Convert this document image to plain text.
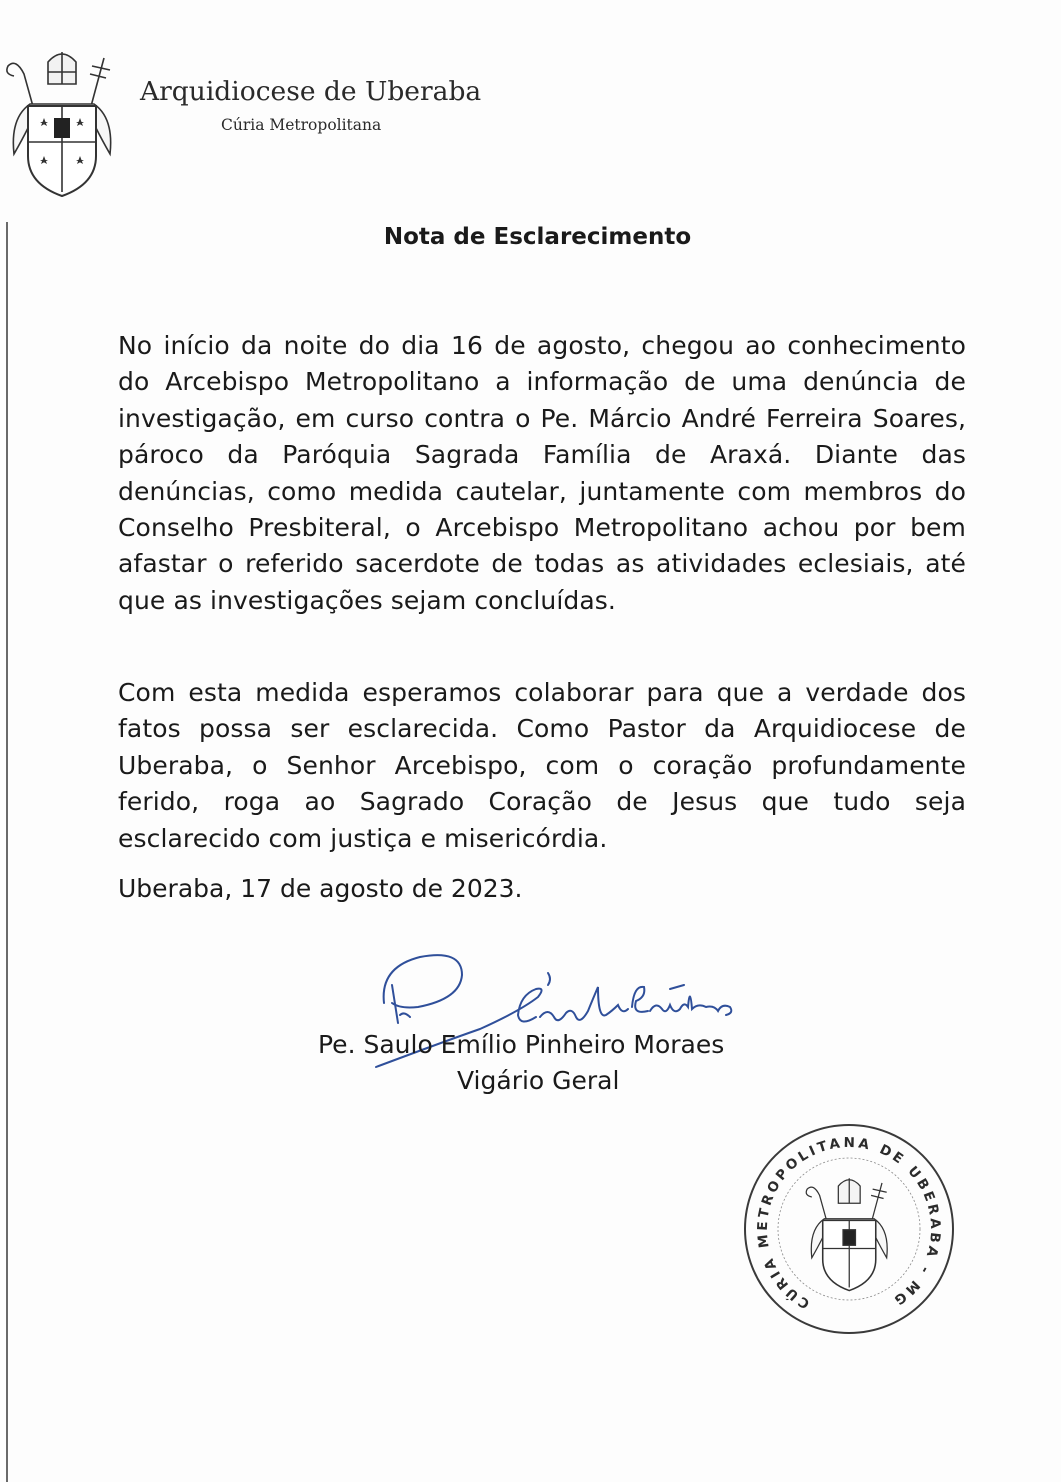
Arquidiocese de Uberaba
Cúria Metropolitana
Nota de Esclarecimento

No início da noite do dia 16 de agosto, chegou ao conhecimento do Arcebispo Metropolitano a informação de uma denúncia de investigação, em curso contra o Pe. Márcio André Ferreira Soares, pároco da Paróquia Sagrada Família de Araxá. Diante das denúncias, como medida cautelar, juntamente com membros do Conselho Presbiteral, o Arcebispo Metropolitano achou por bem afastar o referido sacerdote de todas as atividades eclesiais, até que as investigações sejam concluídas.

Com esta medida esperamos colaborar para que a verdade dos fatos possa ser esclarecida. Como Pastor da Arquidiocese de Uberaba, o Senhor Arcebispo, com o coração profundamente ferido, roga ao Sagrado Coração de Jesus que tudo seja esclarecido com justiça e misericórdia.

Uberaba, 17 de agosto de 2023.
Pe. Saulo Emílio
Pe. Saulo Emílio Pinheiro Moraes
Vigário Geral
CÚRIA METROPOLITANA DE UBERABA - MG
